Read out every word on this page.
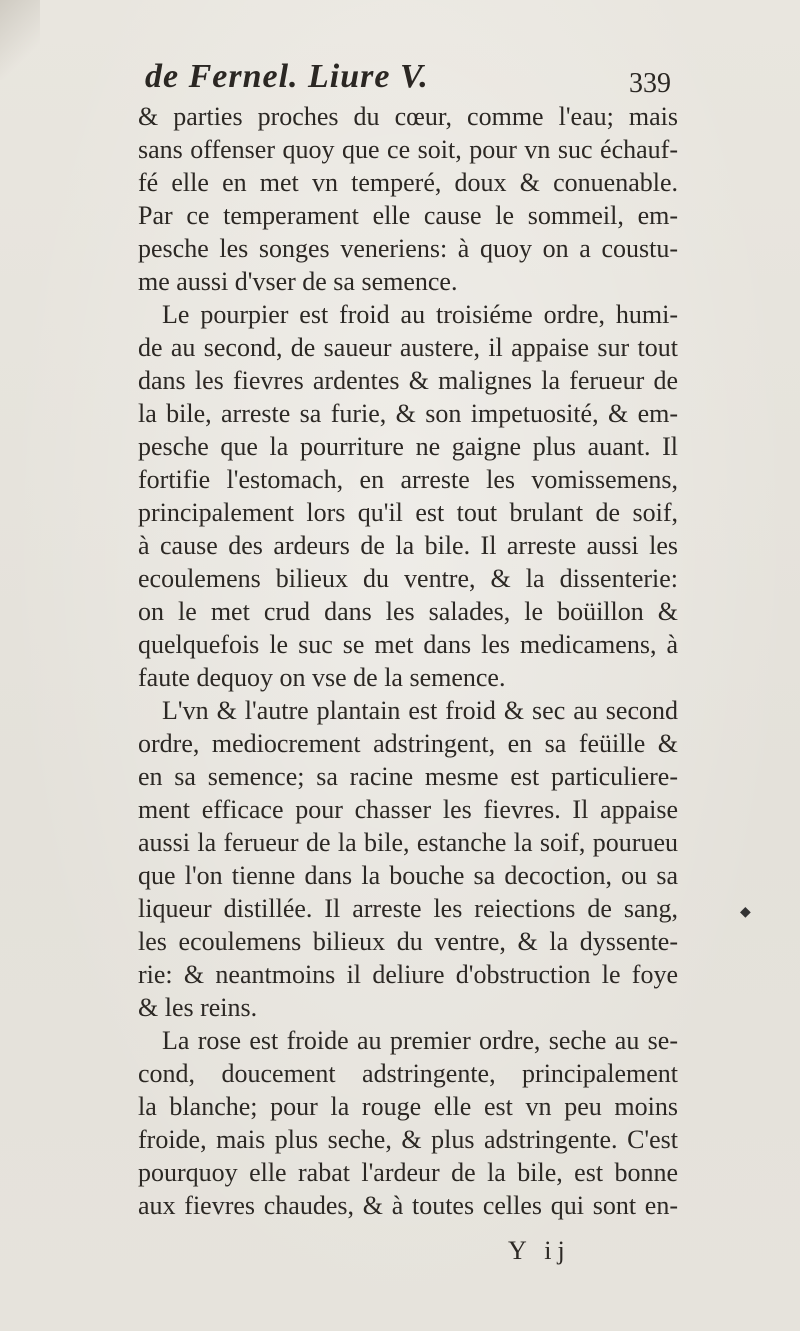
de Fernel. Liure V.	339
& parties proches du cœur, comme l'eau; mais
sans offenser quoy que ce soit, pour vn suc échauf-
fé elle en met vn temperé, doux & conuenable.
Par ce temperament elle cause le sommeil, em-
pesche les songes veneriens: à quoy on a coustu-
me aussi d'vser de sa semence.
Le pourpier est froid au troisiéme ordre, humi-
de au second, de saueur austere, il appaise sur tout
dans les fievres ardentes & malignes la ferueur de
la bile, arreste sa furie, & son impetuosité, & em-
pesche que la pourriture ne gaigne plus auant. Il
fortifie l'estomach, en arreste les vomissemens,
principalement lors qu'il est tout brulant de soif,
à cause des ardeurs de la bile. Il arreste aussi les
ecoulemens bilieux du ventre, & la dissenterie:
on le met crud dans les salades, le boüillon &
quelquefois le suc se met dans les medicamens, à
faute dequoy on vse de la semence.
L'vn & l'autre plantain est froid & sec au second
ordre, mediocrement adstringent, en sa feüille &
en sa semence; sa racine mesme est particuliere-
ment efficace pour chasser les fievres. Il appaise
aussi la ferueur de la bile, estanche la soif, pourueu
que l'on tienne dans la bouche sa decoction, ou sa
liqueur distillée. Il arreste les reiections de sang,
les ecoulemens bilieux du ventre, & la dyssente-
rie: & neantmoins il deliure d'obstruction le foye
& les reins.
La rose est froide au premier ordre, seche au se-
cond, doucement adstringente, principalement
la blanche; pour la rouge elle est vn peu moins
froide, mais plus seche, & plus adstringente. C'est
pourquoy elle rabat l'ardeur de la bile, est bonne
aux fievres chaudes, & à toutes celles qui sont en-
Y ij
◆
